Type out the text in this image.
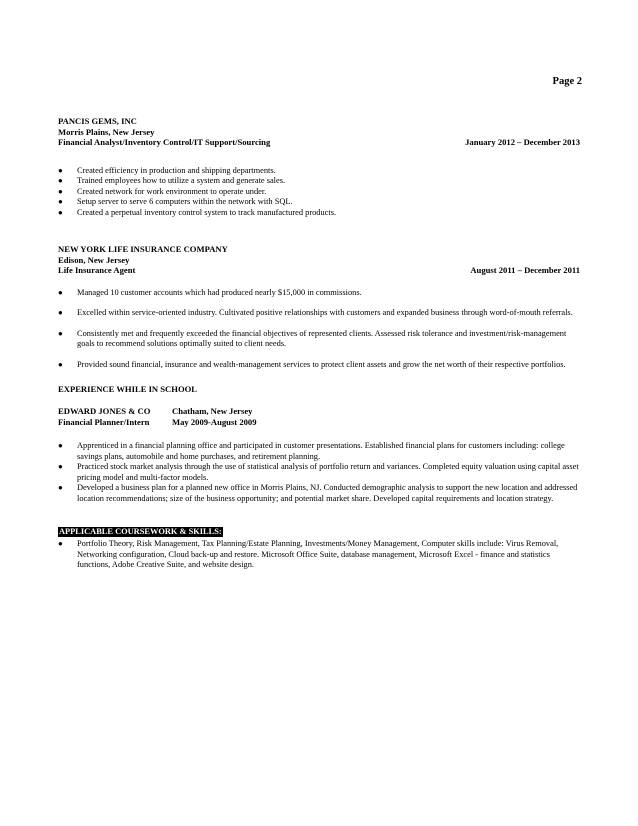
Page 2
PANCIS GEMS, INC
Morris Plains, New Jersey
Financial Analyst/Inventory Control/IT Support/Sourcing	January 2012 – December 2013
● Created efficiency in production and shipping departments.
● Trained employees how to utilize a system and generate sales.
● Created network for work environment to operate under.
● Setup server to serve 6 computers within the network with SQL.
● Created a perpetual inventory control system to track manufactured products.
NEW YORK LIFE INSURANCE COMPANY
Edison, New Jersey
Life Insurance Agent	August 2011 – December 2011
● Managed 10 customer accounts which had produced nearly $15,000 in commissions.
● Excelled within service-oriented industry. Cultivated positive relationships with customers and expanded business through word-of-mouth referrals.
● Consistently met and frequently exceeded the financial objectives of represented clients. Assessed risk tolerance and investment/risk-management goals to recommend solutions optimally suited to client needs.
● Provided sound financial, insurance and wealth-management services to protect client assets and grow the net worth of their respective portfolios.
EXPERIENCE WHILE IN SCHOOL
EDWARD JONES & CO	Chatham, New Jersey
Financial Planner/Intern	May 2009-August 2009
● Apprenticed in a financial planning office and participated in customer presentations. Established financial plans for customers including: college savings plans, automobile and home purchases, and retirement planning.
● Practiced stock market analysis through the use of statistical analysis of portfolio return and variances. Completed equity valuation using capital asset pricing model and multi-factor models.
● Developed a business plan for a planned new office in Morris Plains, NJ. Conducted demographic analysis to support the new location and addressed location recommendations; size of the business opportunity; and potential market share. Developed capital requirements and location strategy.
APPLICABLE COURSEWORK & SKILLS:
● Portfolio Theory, Risk Management, Tax Planning/Estate Planning, Investments/Money Management, Computer skills include: Virus Removal, Networking configuration, Cloud back-up and restore. Microsoft Office Suite, database management, Microsoft Excel - finance and statistics functions, Adobe Creative Suite, and website design.
